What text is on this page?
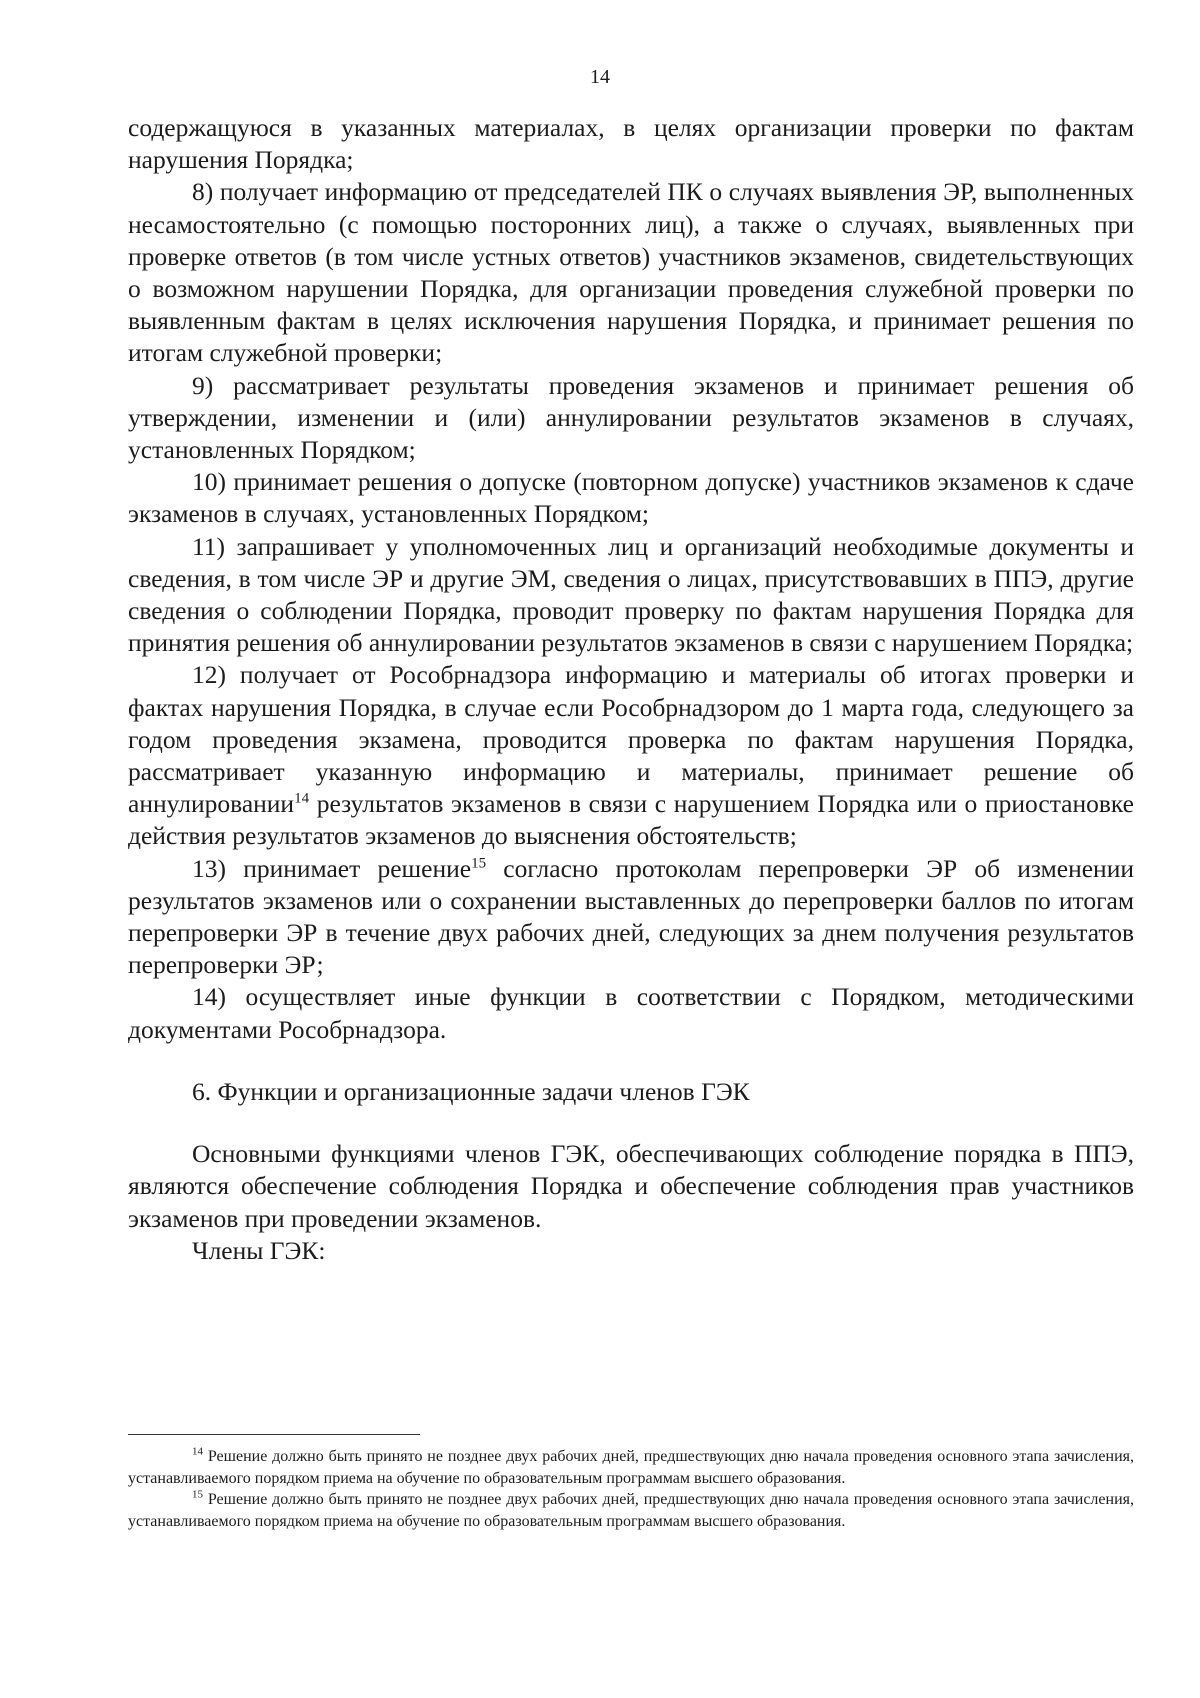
14

содержащуюся в указанных материалах, в целях организации проверки по фактам нарушения Порядка;

8) получает информацию от председателей ПК о случаях выявления ЭР, выполненных несамостоятельно (с помощью посторонних лиц), а также о случаях, выявленных при проверке ответов (в том числе устных ответов) участников экзаменов, свидетельствующих о возможном нарушении Порядка, для организации проведения служебной проверки по выявленным фактам в целях исключения нарушения Порядка, и принимает решения по итогам служебной проверки;

9) рассматривает результаты проведения экзаменов и принимает решения об утверждении, изменении и (или) аннулировании результатов экзаменов в случаях, установленных Порядком;

10) принимает решения о допуске (повторном допуске) участников экзаменов к сдаче экзаменов в случаях, установленных Порядком;

11) запрашивает у уполномоченных лиц и организаций необходимые документы и сведения, в том числе ЭР и другие ЭМ, сведения о лицах, присутствовавших в ППЭ, другие сведения о соблюдении Порядка, проводит проверку по фактам нарушения Порядка для принятия решения об аннулировании результатов экзаменов в связи с нарушением Порядка;

12) получает от Рособрнадзора информацию и материалы об итогах проверки и фактах нарушения Порядка, в случае если Рособрнадзором до 1 марта года, следующего за годом проведения экзамена, проводится проверка по фактам нарушения Порядка, рассматривает указанную информацию и материалы, принимает решение об аннулировании$^{14}$ результатов экзаменов в связи с нарушением Порядка или о приостановке действия результатов экзаменов до выяснения обстоятельств;

13) принимает решение$^{15}$ согласно протоколам перепроверки ЭР об изменении результатов экзаменов или о сохранении выставленных до перепроверки баллов по итогам перепроверки ЭР в течение двух рабочих дней, следующих за днем получения результатов перепроверки ЭР;

14) осуществляет иные функции в соответствии с Порядком, методическими документами Рособрнадзора.

6. Функции и организационные задачи членов ГЭК

Основными функциями членов ГЭК, обеспечивающих соблюдение порядка в ППЭ, являются обеспечение соблюдения Порядка и обеспечение соблюдения прав участников экзаменов при проведении экзаменов.

Члены ГЭК:

$^{14}$ Решение должно быть принято не позднее двух рабочих дней, предшествующих дню начала проведения основного этапа зачисления, устанавливаемого порядком приема на обучение по образовательным программам высшего образования.

$^{15}$ Решение должно быть принято не позднее двух рабочих дней, предшествующих дню начала проведения основного этапа зачисления, устанавливаемого порядком приема на обучение по образовательным программам высшего образования.
